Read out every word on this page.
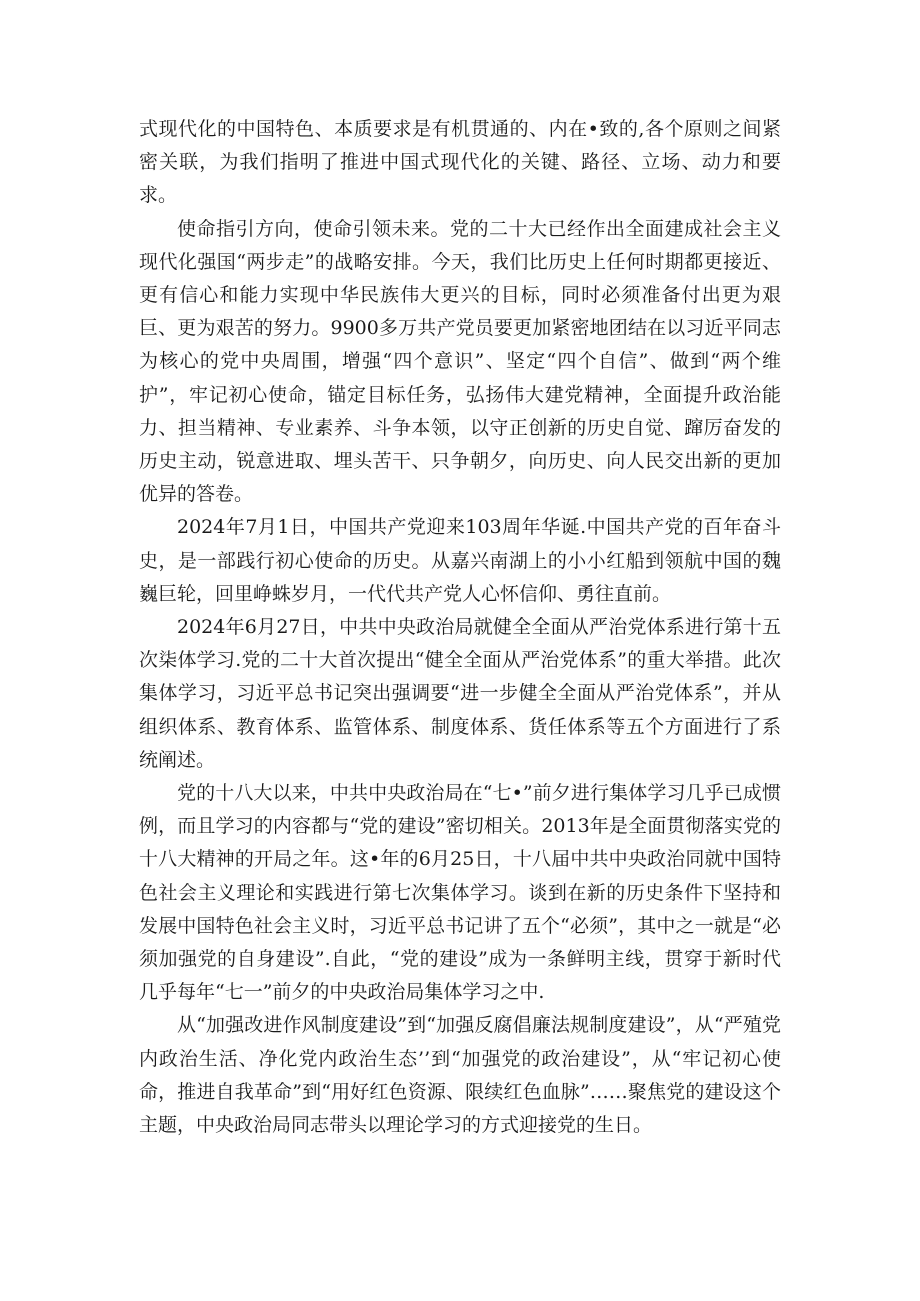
式现代化的中国特色、本质要求是有机贯通的、内在•致的,各个原则之间紧密关联，为我们指明了推进中国式现代化的关键、路径、立场、动力和要求。

使命指引方向，使命引领未来。党的二十大已经作出全面建成社会主义现代化强国“两步走”的战略安排。今天，我们比历史上任何时期都更接近、更有信心和能力实现中华民族伟大更兴的目标，同时必须准备付出更为艰巨、更为艰苦的努力。9900多万共产党员要更加紧密地团结在以习近平同志为核心的党中央周围，增强“四个意识”、坚定“四个自信”、做到“两个维护”，牢记初心使命，锚定目标任务，弘扬伟大建党精神，全面提升政治能力、担当精神、专业素养、斗争本领，以守正创新的历史自觉、蹿厉奋发的历史主动，锐意进取、埋头苦干、只争朝夕，向历史、向人民交出新的更加优异的答卷。

2024年7月1日，中国共产党迎来103周年华诞.中国共产党的百年奋斗史，是一部践行初心使命的历史。从嘉兴南湖上的小小红船到领航中国的魏巍巨轮，回里峥蛛岁月，一代代共产党人心怀信仰、勇往直前。

2024年6月27日，中共中央政治局就健全全面从严治党体系进行第十五次柒体学习.党的二十大首次提出“健全全面从严治党体系”的重大举措。此次集体学习，习近平总书记突出强调要“进一步健全全面从严治党体系”，并从组织体系、教育体系、监管体系、制度体系、货任体系等五个方面进行了系统阐述。

党的十八大以来，中共中央政治局在“七•”前夕进行集体学习几乎已成惯例，而且学习的内容都与“党的建设”密切相关。2013年是全面贯彻落实党的十八大精神的开局之年。这•年的6月25日，十八届中共中央政治同就中国特色社会主义理论和实践进行第七次集体学习。谈到在新的历史条件下坚持和发展中国特色社会主义时，习近平总书记讲了五个“必须”，其中之一就是“必须加强党的自身建设”.自此，“党的建设”成为一条鲜明主线，贯穿于新时代几乎每年“七一”前夕的中央政治局集体学习之中.

从“加强改进作风制度建设”到“加强反腐倡廉法规制度建设”，从“严殖党内政治生活、净化党内政治生态’’到“加强党的政治建设”，从“牢记初心使命，推进自我革命”到“用好红色资源、限续红色血脉”……聚焦党的建设这个主题，中央政治局同志带头以理论学习的方式迎接党的生日。
